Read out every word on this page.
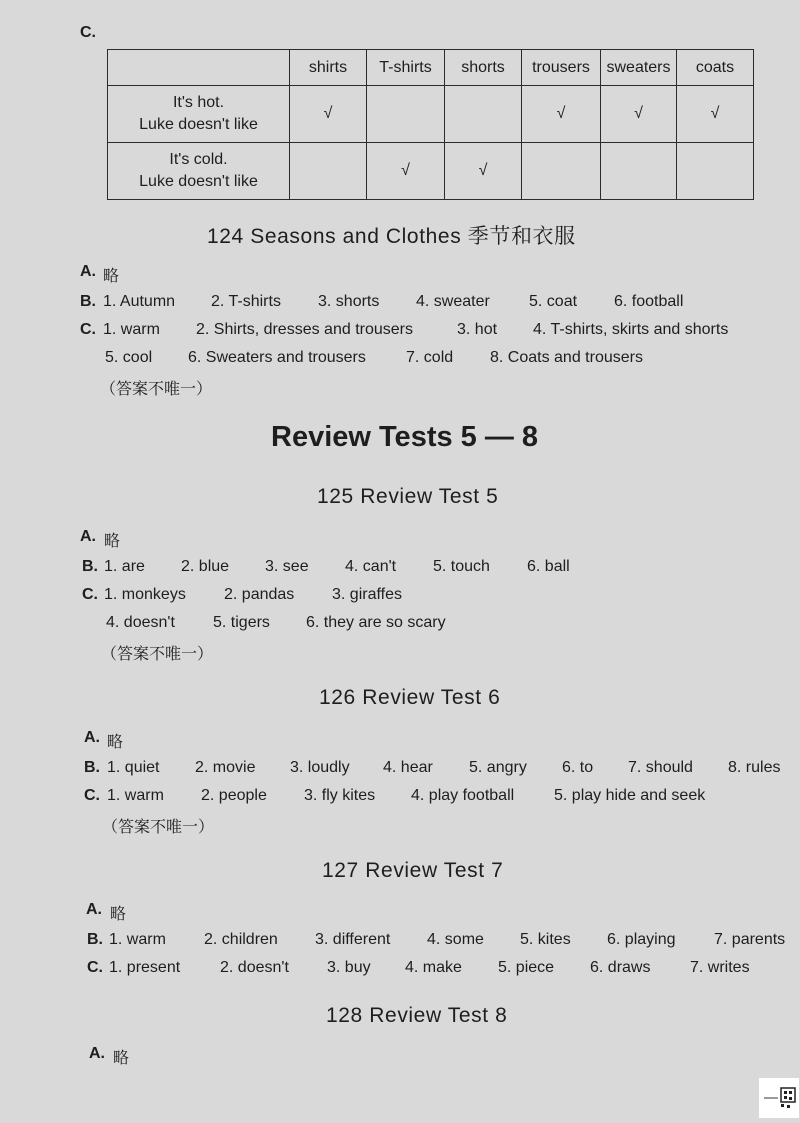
C.
	shirts	T-shirts	shorts	trousers	sweaters	coats

It's hot.
Luke doesn't like	√			√	√	√

It's cold.
Luke doesn't like		√	√			
124 Seasons and Clothes 季节和衣服
A. 略
B. 1. Autumn 2. T-shirts 3. shorts 4. sweater 5. coat 6. football
C. 1. warm 2. Shirts, dresses and trousers	3. hot 4. T-shirts, skirts and shorts
5. cool 6. Sweaters and trousers	7. cold 8. Coats and trousers
（答案不唯一）
Review Tests 5 — 8
125 Review Test 5
A. 略
B. 1. are 2. blue 3. see 4. can't 5. touch 6. ball
C. 1. monkeys 2. pandas 3. giraffes
4. doesn't 5. tigers 6. they are so scary
（答案不唯一）
126 Review Test 6
A. 略
B. 1. quiet 2. movie 3. loudly 4. hear 5. angry 6. to 7. should 8. rules
C. 1. warm 2. people 3. fly kites 4. play football 5. play hide and seek
（答案不唯一）
127 Review Test 7
A. 略
B. 1. warm 2. children 3. different 4. some 5. kites 6. playing 7. parents
C. 1. present 2. doesn't 3. buy 4. make 5. piece 6. draws 7. writes
128 Review Test 8
A. 略
